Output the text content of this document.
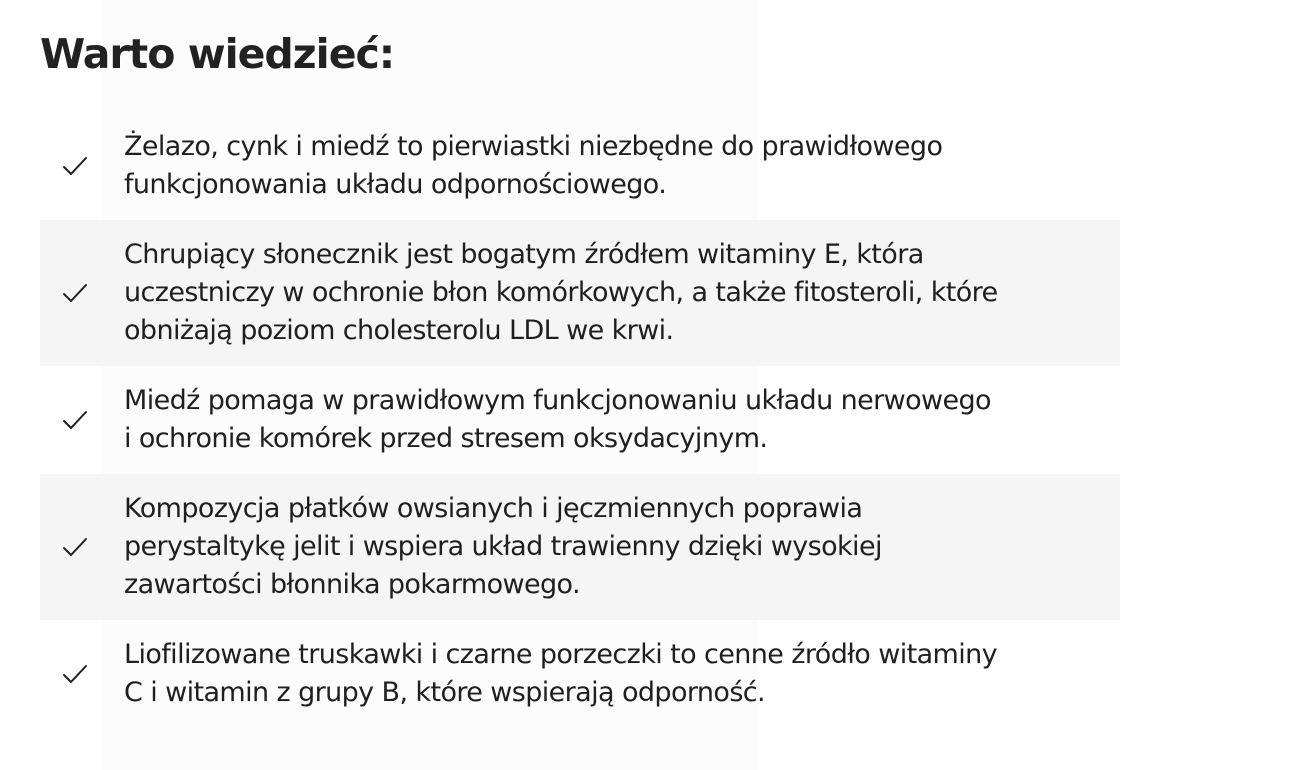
Warto wiedzieć:
Żelazo, cynk i miedź to pierwiastki niezbędne do prawidłowego
funkcjonowania układu odpornościowego.
Chrupiący słonecznik jest bogatym źródłem witaminy E, która
uczestniczy w ochronie błon komórkowych, a także fitosteroli, które
obniżają poziom cholesterolu LDL we krwi.
Miedź pomaga w prawidłowym funkcjonowaniu układu nerwowego
i ochronie komórek przed stresem oksydacyjnym.
Kompozycja płatków owsianych i jęczmiennych poprawia
perystaltykę jelit i wspiera układ trawienny dzięki wysokiej
zawartości błonnika pokarmowego.
Liofilizowane truskawki i czarne porzeczki to cenne źródło witaminy
C i witamin z grupy B, które wspierają odporność.
